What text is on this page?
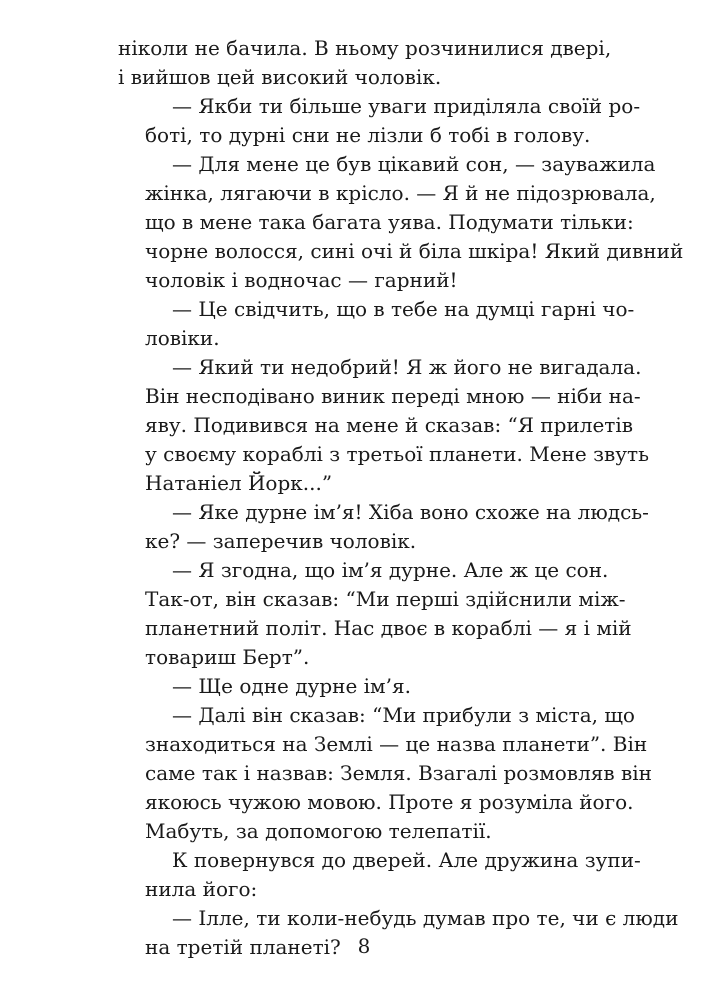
ніколи не бачила. В ньому розчинилися двері,
і вийшов цей високий чоловік.
— Якби ти більше уваги приділяла своїй ро-
боті, то дурні сни не лізли б тобі в голову.
— Для мене це був цікавий сон, — зауважила
жінка, лягаючи в крісло. — Я й не підозрювала,
що в мене така багата уява. Подумати тільки:
чорне волосся, сині очі й біла шкіра! Який дивний
чоловік і водночас — гарний!
— Це свідчить, що в тебе на думці гарні чо-
ловіки.
— Який ти недобрий! Я ж його не вигадала.
Він несподівано виник переді мною — ніби на-
яву. Подивився на мене й сказав: “Я прилетів
у своєму кораблі з третьої планети. Мене звуть
Натаніел Йорк...”
— Яке дурне ім’я! Хіба воно схоже на людсь-
ке? — заперечив чоловік.
— Я згодна, що ім’я дурне. Але ж це сон.
Так-от, він сказав: “Ми перші здійснили між-
планетний політ. Нас двоє в кораблі — я і мій
товариш Берт”.
— Ще одне дурне ім’я.
— Далі він сказав: “Ми прибули з міста, що
знаходиться на Землі — це назва планети”. Він
саме так і назвав: Земля. Взагалі розмовляв він
якоюсь чужою мовою. Проте я розуміла його.
Мабуть, за допомогою телепатії.
К повернувся до дверей. Але дружина зупи-
нила його:
— Ілле, ти коли-небудь думав про те, чи є люди
на третій планеті? 8
